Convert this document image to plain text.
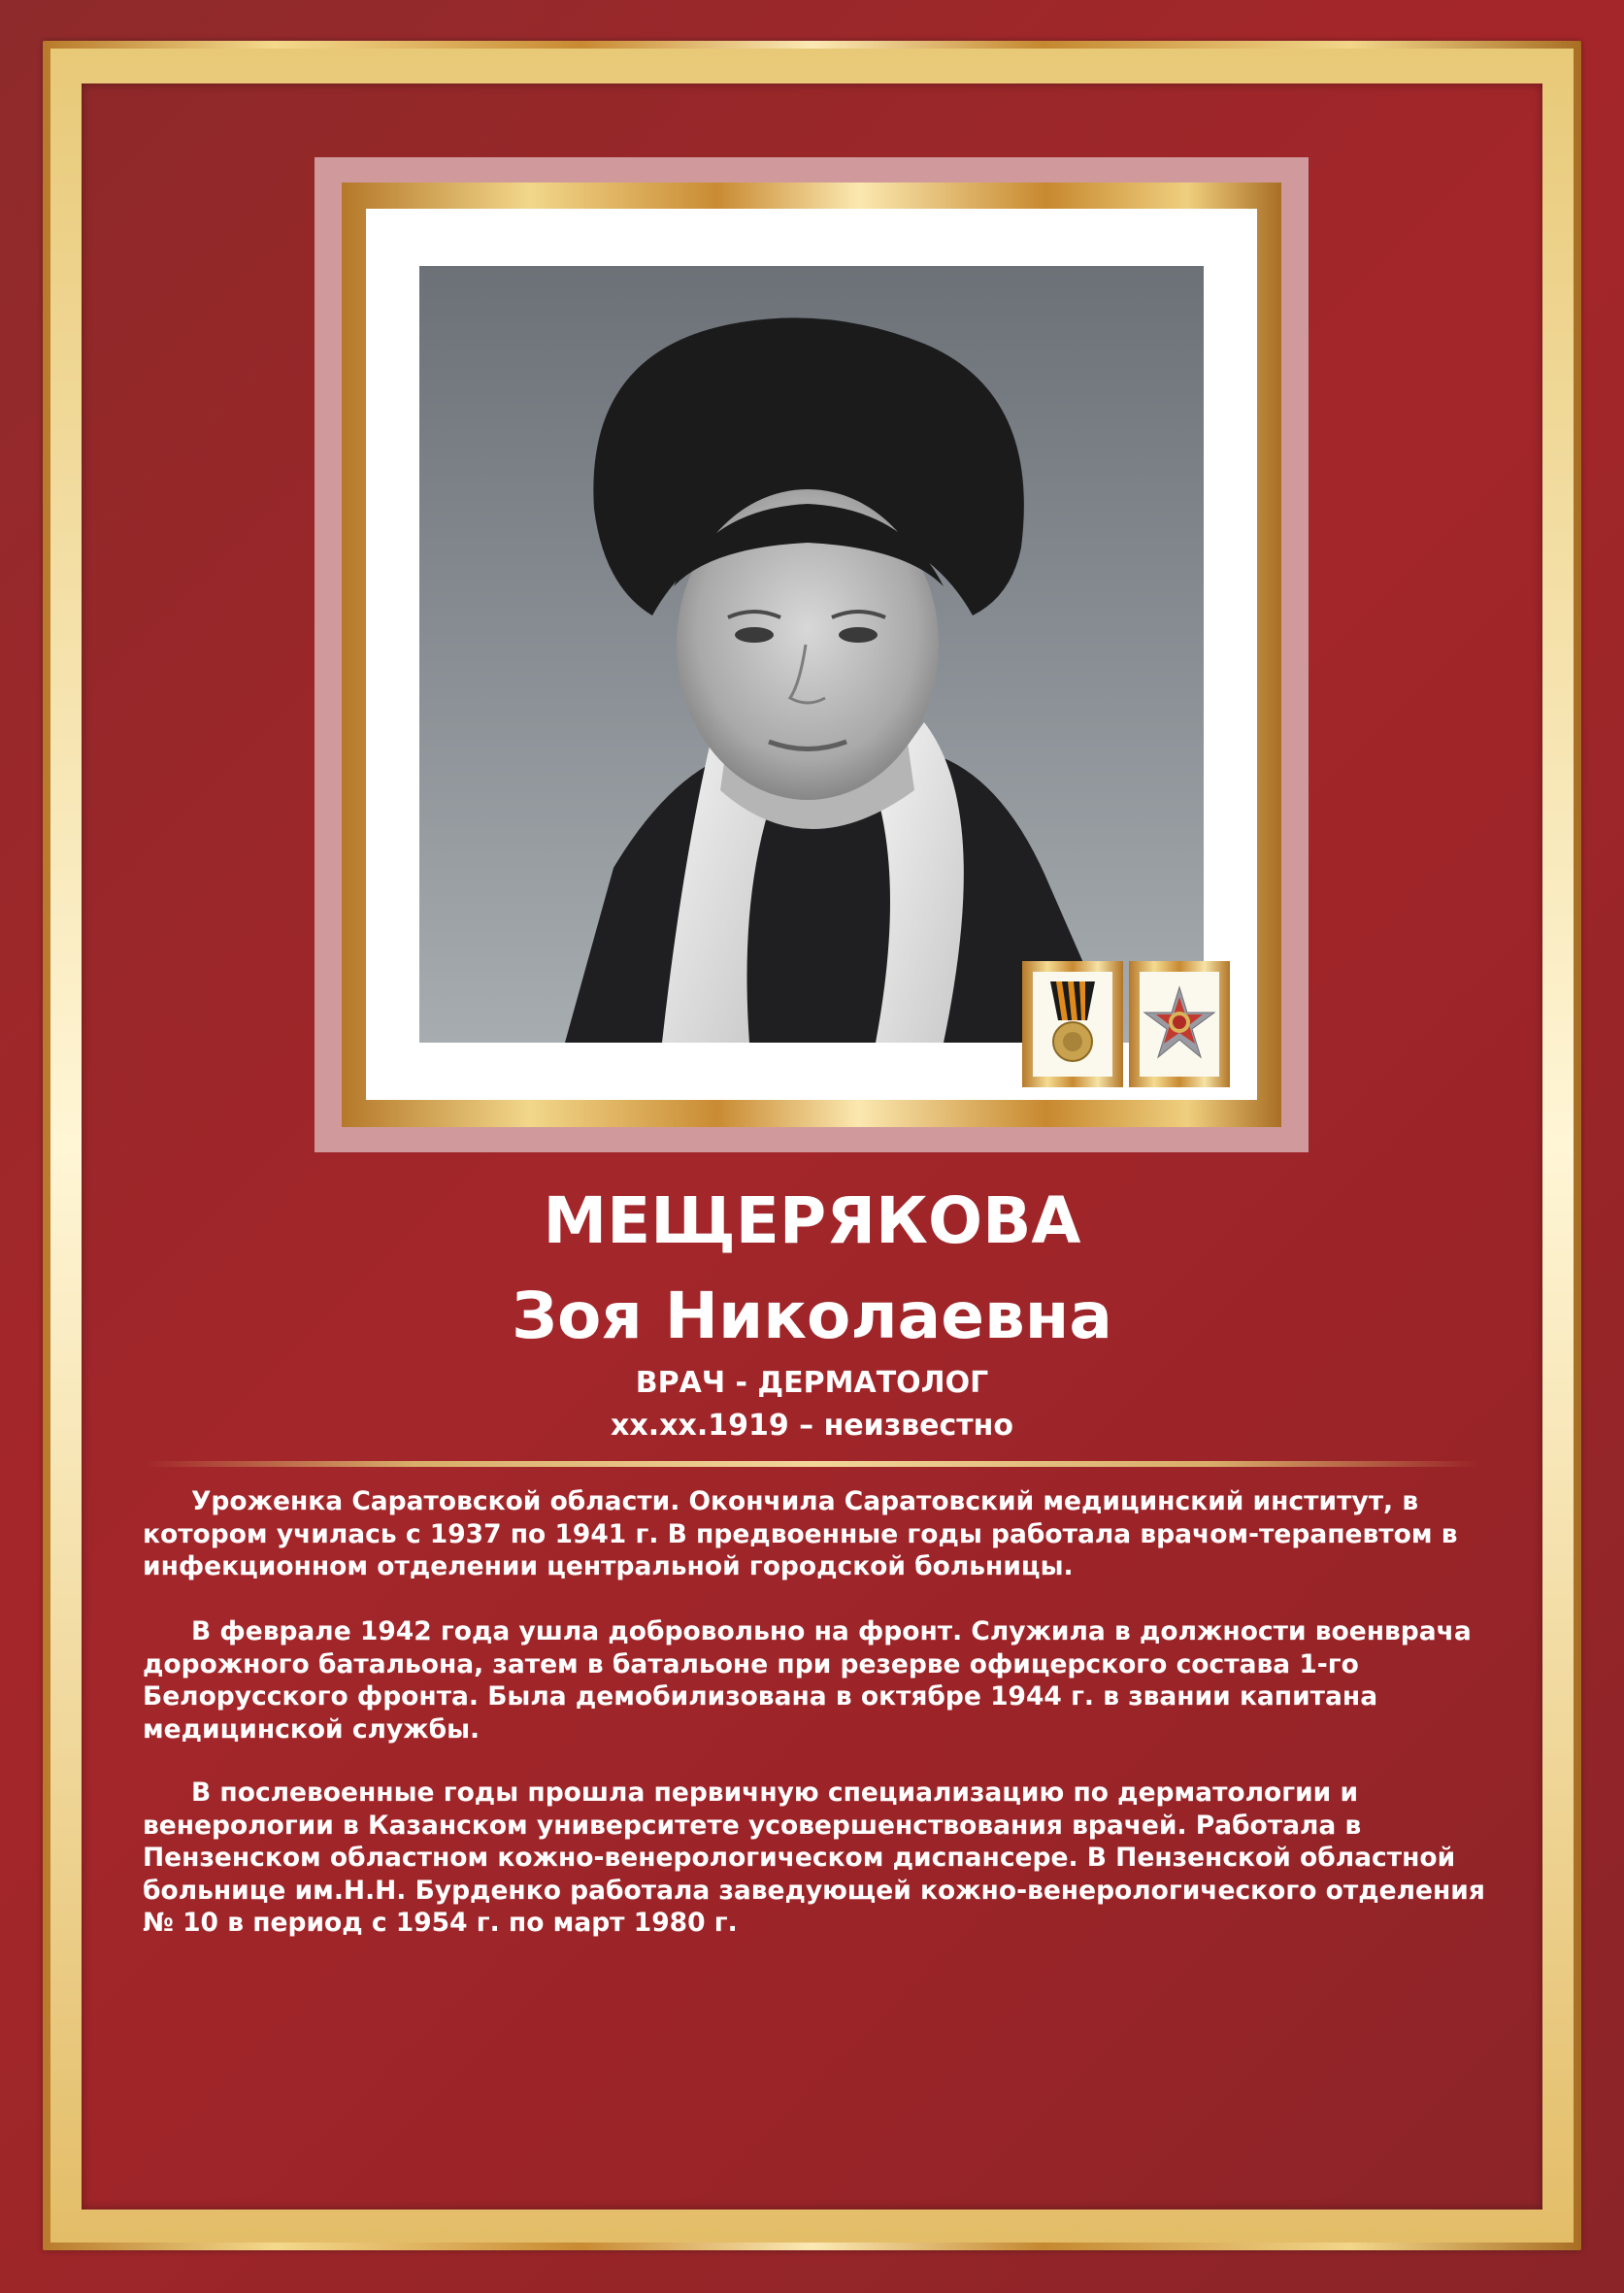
МЕЩЕРЯКОВА
Зоя Николаевна
ВРАЧ - ДЕРМАТОЛОГ
хх.хх.1919 – неизвестно

Уроженка Саратовской области. Окончила Саратовский медицинский институт, в котором училась с 1937 по 1941 г. В предвоенные годы работала врачом-терапевтом в инфекционном отделении центральной городской больницы.

В феврале 1942 года ушла добровольно на фронт. Служила в должности военврача дорожного батальона, затем в батальоне при резерве офицерского состава 1-го Белорусского фронта. Была демобилизована в октябре 1944 г. в звании капитана медицинской службы.

В послевоенные годы прошла первичную специализацию по дерматологии и венерологии в Казанском университете усовершенствования врачей. Работала в Пензенском областном кожно-венерологическом диспансере. В Пензенской областной больнице им.Н.Н. Бурденко работала заведующей кожно-венерологического отделения № 10 в период с 1954 г. по март 1980 г.
